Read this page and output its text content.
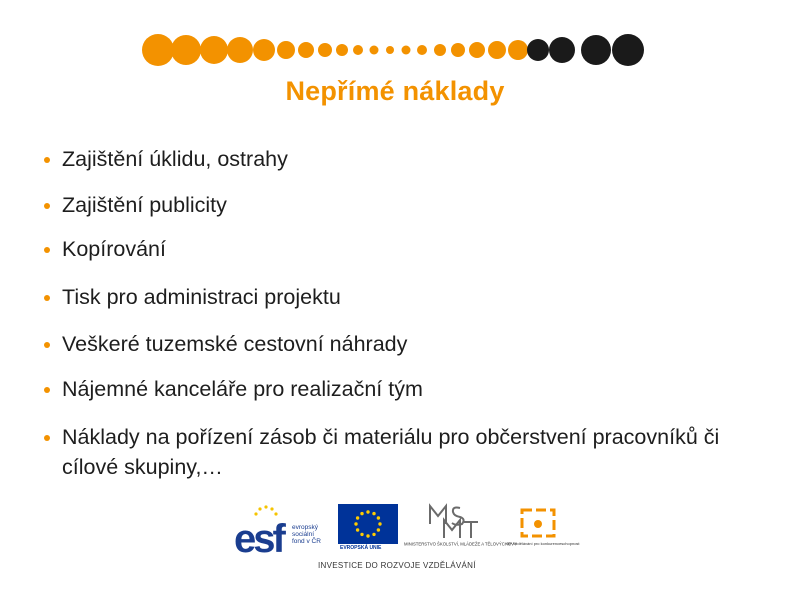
Nepřímé náklady
Zajištění úklidu, ostrahy
Zajištění publicity
Kopírování
Tisk pro administraci projektu
Veškeré tuzemské cestovní náhrady
Nájemné kanceláře pro realizační tým
Náklady na pořízení zásob či materiálu pro občerstvení pracovníků či cílové skupiny,…
esf	evropský
sociální
fond v ČR
EVROPSKÁ UNIE
MINISTERSTVO ŠKOLSTVÍ, MLÁDEŽE A TĚLOVÝCHOVY
OP Vzdělávání pro konkurenceschopnost
INVESTICE DO ROZVOJE VZDĚLÁVÁNÍ
